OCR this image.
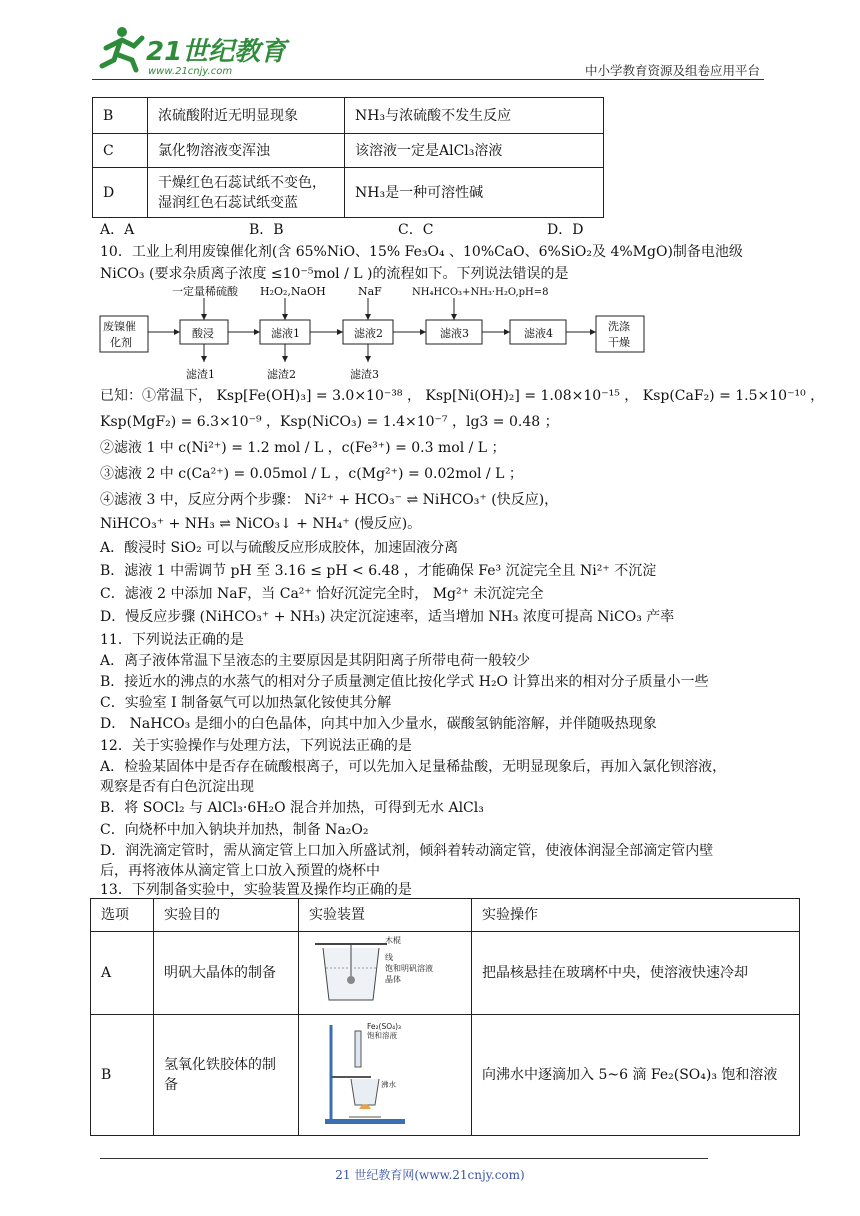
21世纪教育
www.21cnjy.com	中小学教育资源及组卷应用平台
B	浓硫酸附近无明显现象	NH₃与浓硫酸不发生反应
C	氯化物溶液变浑浊	该溶液一定是AlCl₃溶液
D	干燥红色石蕊试纸不变色，湿润红色石蕊试纸变蓝	NH₃是一种可溶性碱
A．A	B．B	C．C	D．D
10．工业上利用废镍催化剂(含 65%NiO、15% Fe₃O₄ 、10%CaO、6%SiO₂及 4%MgO)制备电池级
NiCO₃ (要求杂质离子浓度 ≤10⁻⁵mol / L )的流程如下。下列说法错误的是
一定量稀硫酸 H₂O₂,NaOH	NaF	NH₄HCO₃+NH₃·H₂O,pH=8
废镍催
化剂
酸浸	滤液1	滤液2	滤液3	滤液4
洗涤
干燥
滤渣1	滤渣2	滤渣3
已知：①常温下， Ksp[Fe(OH)₃] = 3.0×10⁻³⁸ ， Ksp[Ni(OH)₂] = 1.08×10⁻¹⁵ ， Ksp(CaF₂) = 1.5×10⁻¹⁰ ，
Ksp(MgF₂) = 6.3×10⁻⁹ ，Ksp(NiCO₃) = 1.4×10⁻⁷ ，lg3 = 0.48 ；
②滤液 1 中 c(Ni²⁺) = 1.2 mol / L ，c(Fe³⁺) = 0.3 mol / L ；
③滤液 2 中 c(Ca²⁺) = 0.05mol / L ，c(Mg²⁺) = 0.02mol / L ；
④滤液 3 中，反应分两个步骤： Ni²⁺ + HCO₃⁻ ⇌ NiHCO₃⁺ (快反应)，
NiHCO₃⁺ + NH₃ ⇌ NiCO₃↓ + NH₄⁺ (慢反应)。
A．酸浸时 SiO₂ 可以与硫酸反应形成胶体，加速固液分离
B．滤液 1 中需调节 pH 至 3.16 ≤ pH < 6.48 ，才能确保 Fe³ 沉淀完全且 Ni²⁺ 不沉淀
C．滤液 2 中添加 NaF，当 Ca²⁺ 恰好沉淀完全时， Mg²⁺ 未沉淀完全
D．慢反应步骤 (NiHCO₃⁺ + NH₃) 决定沉淀速率，适当增加 NH₃ 浓度可提高 NiCO₃ 产率
11．下列说法正确的是
A．离子液体常温下呈液态的主要原因是其阴阳离子所带电荷一般较少
B．接近水的沸点的水蒸气的相对分子质量测定值比按化学式 H₂O 计算出来的相对分子质量小一些
C．实验室 I 制备氨气可以加热氯化铵使其分解
D． NaHCO₃ 是细小的白色晶体，向其中加入少量水，碳酸氢钠能溶解，并伴随吸热现象
12．关于实验操作与处理方法，下列说法正确的是
A．检验某固体中是否存在硫酸根离子，可以先加入足量稀盐酸，无明显现象后，再加入氯化钡溶液，
观察是否有白色沉淀出现
B．将 SOCl₂ 与 AlCl₃·6H₂O 混合并加热，可得到无水 AlCl₃
C．向烧杯中加入钠块并加热，制备 Na₂O₂
D．润洗滴定管时，需从滴定管上口加入所盛试剂，倾斜着转动滴定管，使液体润湿全部滴定管内壁
后，再将液体从滴定管上口放入预置的烧杯中
13．下列制备实验中，实验装置及操作均正确的是
选项	实验目的	实验装置	实验操作
A	明矾大晶体的制备	木棍
线
饱和明矾溶液
晶体	把晶核悬挂在玻璃杯中央，使溶液快速冷却
B	氢氧化铁胶体的制备	Fe₂(SO₄)₃
饱和溶液
沸水	向沸水中逐滴加入 5~6 滴 Fe₂(SO₄)₃ 饱和溶液
21 世纪教育网(www.21cnjy.com)
